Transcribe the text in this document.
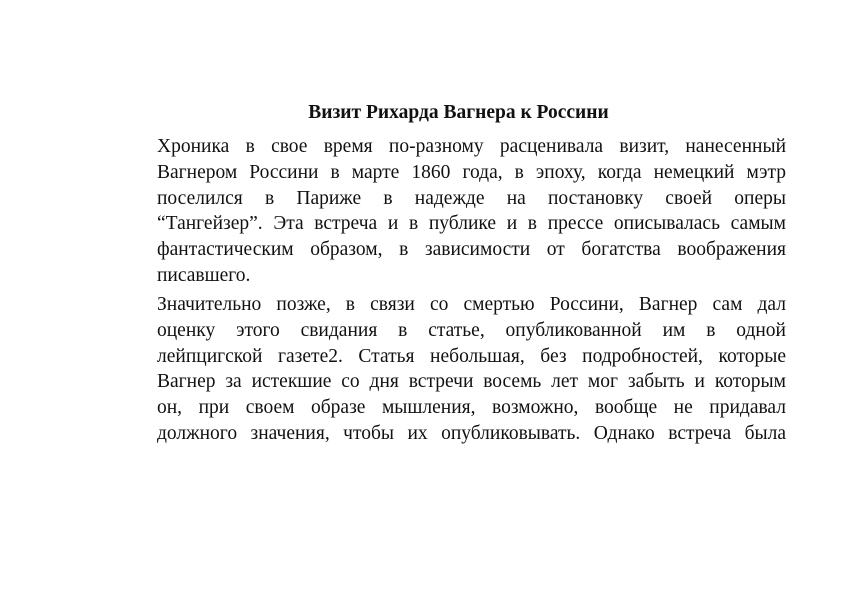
Визит Рихарда Вагнера к Россини
Хроника в свое время по-разному расценивала визит, нанесенный
Вагнером Россини в марте 1860 года, в эпоху, когда немецкий мэтр
поселился в Париже в надежде на постановку своей оперы
“Тангейзер”. Эта встреча и в публике и в прессе описывалась самым
фантастическим образом, в зависимости от богатства воображения
писавшего.
Значительно позже, в связи со смертью Россини, Вагнер сам дал
оценку этого свидания в статье, опубликованной им в одной
лейпцигской газете2. Статья небольшая, без подробностей, которые
Вагнер за истекшие со дня встречи восемь лет мог забыть и которым
он, при своем образе мышления, возможно, вообще не придавал
должного значения, чтобы их опубликовывать. Однако встреча была
